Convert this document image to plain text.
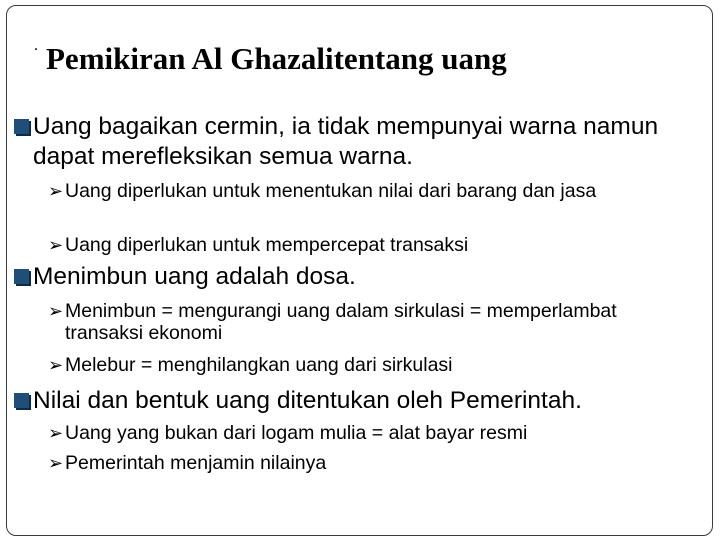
. Pemikiran Al Ghazalitentang uang
Uang bagaikan cermin, ia tidak mempunyai warna namun dapat merefleksikan semua warna.
➢ Uang diperlukan untuk menentukan nilai dari barang dan jasa
➢ Uang diperlukan untuk mempercepat transaksi
Menimbun uang adalah dosa.
➢ Menimbun = mengurangi uang dalam sirkulasi = memperlambat transaksi ekonomi
➢ Melebur = menghilangkan uang dari sirkulasi
Nilai dan bentuk uang ditentukan oleh Pemerintah.
➢ Uang yang bukan dari logam mulia = alat bayar resmi
➢ Pemerintah menjamin nilainya
